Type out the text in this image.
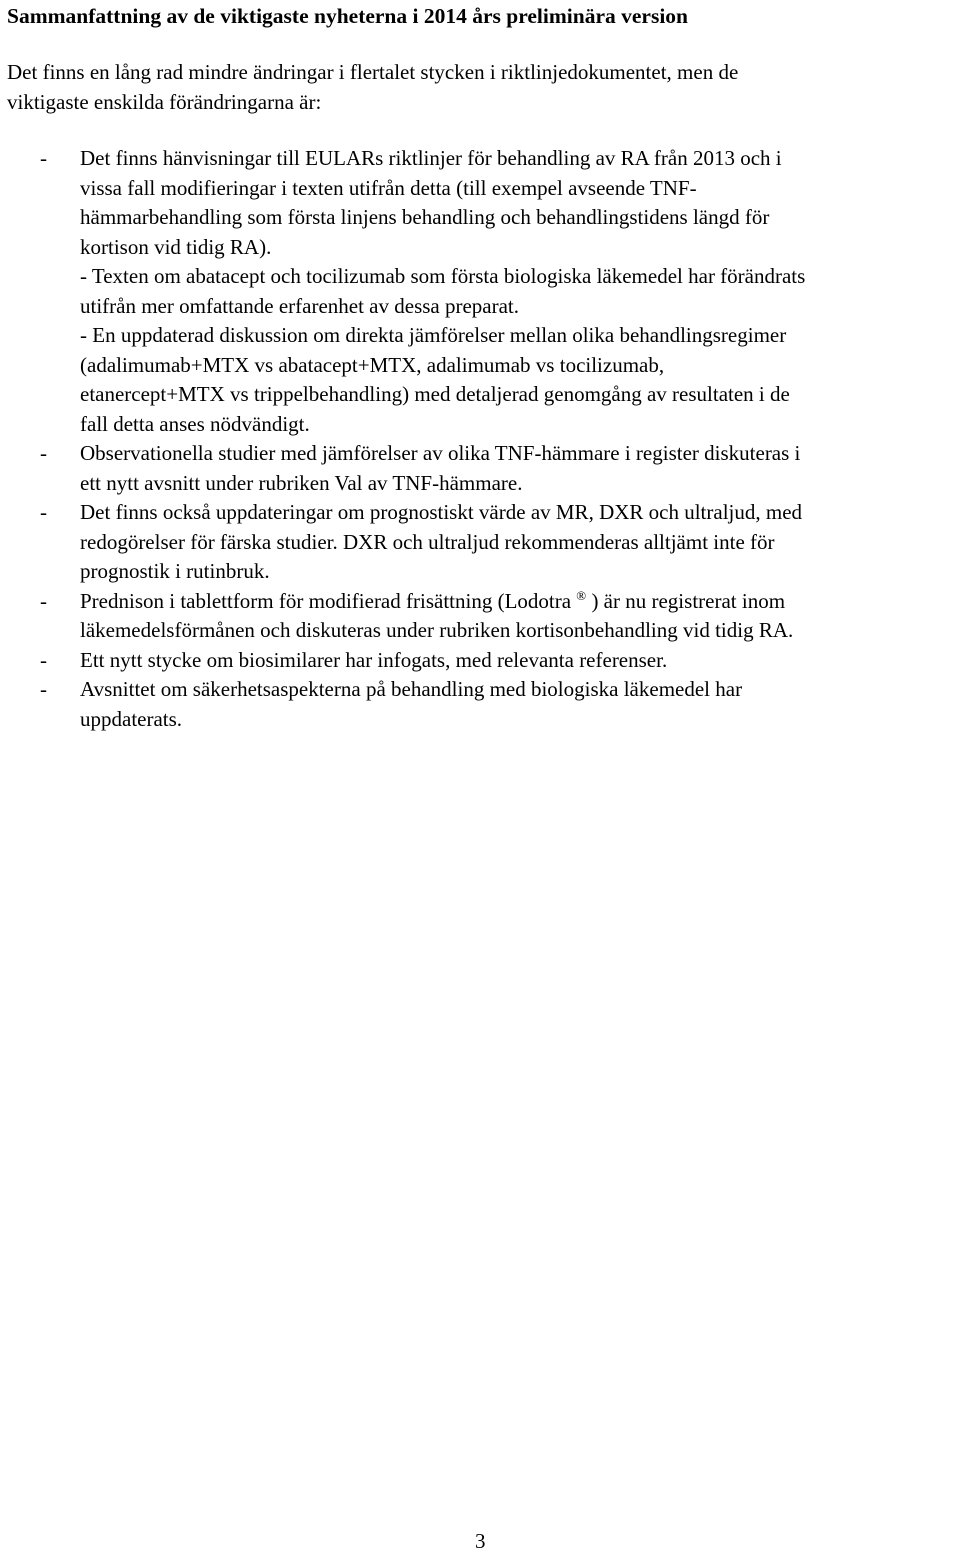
Sammanfattning av de viktigaste nyheterna i 2014 års preliminära version
Det finns en lång rad mindre ändringar i flertalet stycken i riktlinjedokumentet, men de
viktigaste enskilda förändringarna är:
- Det finns hänvisningar till EULARs riktlinjer för behandling av RA från 2013 och i
vissa fall modifieringar i texten utifrån detta (till exempel avseende TNF-
hämmarbehandling som första linjens behandling och behandlingstidens längd för
kortison vid tidig RA).
- Texten om abatacept och tocilizumab som första biologiska läkemedel har förändrats
utifrån mer omfattande erfarenhet av dessa preparat.
- En uppdaterad diskussion om direkta jämförelser mellan olika behandlingsregimer
(adalimumab+MTX vs abatacept+MTX, adalimumab vs tocilizumab,
etanercept+MTX vs trippelbehandling) med detaljerad genomgång av resultaten i de
fall detta anses nödvändigt.
- Observationella studier med jämförelser av olika TNF-hämmare i register diskuteras i
ett nytt avsnitt under rubriken Val av TNF-hämmare.
- Det finns också uppdateringar om prognostiskt värde av MR, DXR och ultraljud, med
redogörelser för färska studier. DXR och ultraljud rekommenderas alltjämt inte för
prognostik i rutinbruk.
- Prednison i tablettform för modifierad frisättning (Lodotra ® ) är nu registrerat inom
läkemedelsförmånen och diskuteras under rubriken kortisonbehandling vid tidig RA.
- Ett nytt stycke om biosimilarer har infogats, med relevanta referenser.
- Avsnittet om säkerhetsaspekterna på behandling med biologiska läkemedel har
uppdaterats.
3
